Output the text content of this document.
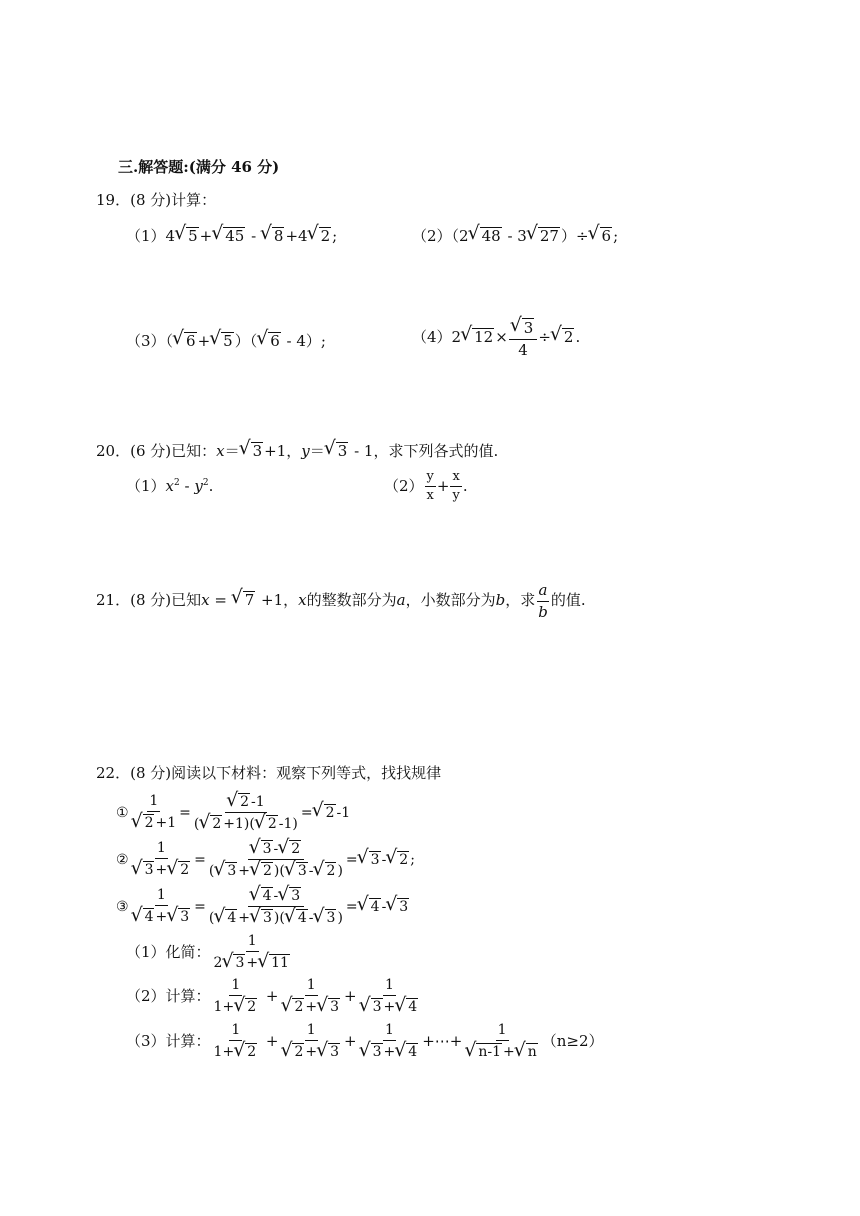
三.解答题:(满分 46 分)
19．(8 分)计算：
（1）4 √ 5 + √ 45 - √ 8 +4 √ 2 ;	（2）（2 √ 48 - 3 √ 27 ）÷ √ 6 ;
（3）（ √ 6 + √ 5 ）（ √ 6 - 4）;	（4）2 √ 12 × √ $\frac{3}{4}$ ÷ √ 2 .
20．(6 分)已知：x＝ √ 3 +1，y＝ √ 3 - 1，求下列各式的值.
$(1)x^2 - y^2$.	$(2) \frac{y}{x} + \frac{x}{y}$ .
21．(8 分)已知x = √ 7 +1，x的整数部分为a，小数部分为b，求 $\frac{a}{b}$ 的值.
22．(8 分)阅读以下材料：观察下列等式，找找规律
① 1
√ 2 +1 = √ $\frac{2 -1}{( √ 2 +1)( √ 2 -1)}$ = √ 2 -1
② 1
√ 3 + √ 2 = √ $\frac{3 - √ 2}{( √ 3 + √ 2 )( √ 3 - √ 2 )}$ = √ 3 - √ 2 ;
③ 1
√ 4 + √ 3 = √ $\frac{4 - √ 3}{( √ 4 + √ 3 )( √ 4 - √ 3 )}$ = √ 4 - √ 3
（1）化简： $\frac{1}{2 √ 3 + √ 11}$
（2）计算： $\frac{1}{1+ √ 2} + 1$
√ 2 + √ 3 + 1
√ 3 + √ 4
（3）计算： $\frac{1}{1+ √ 2} + 1$
√ 2 + √ 3 + 1
√ 3 + √ 4 +⋯+ 1
√ n-1 + √ n （n≥2）
